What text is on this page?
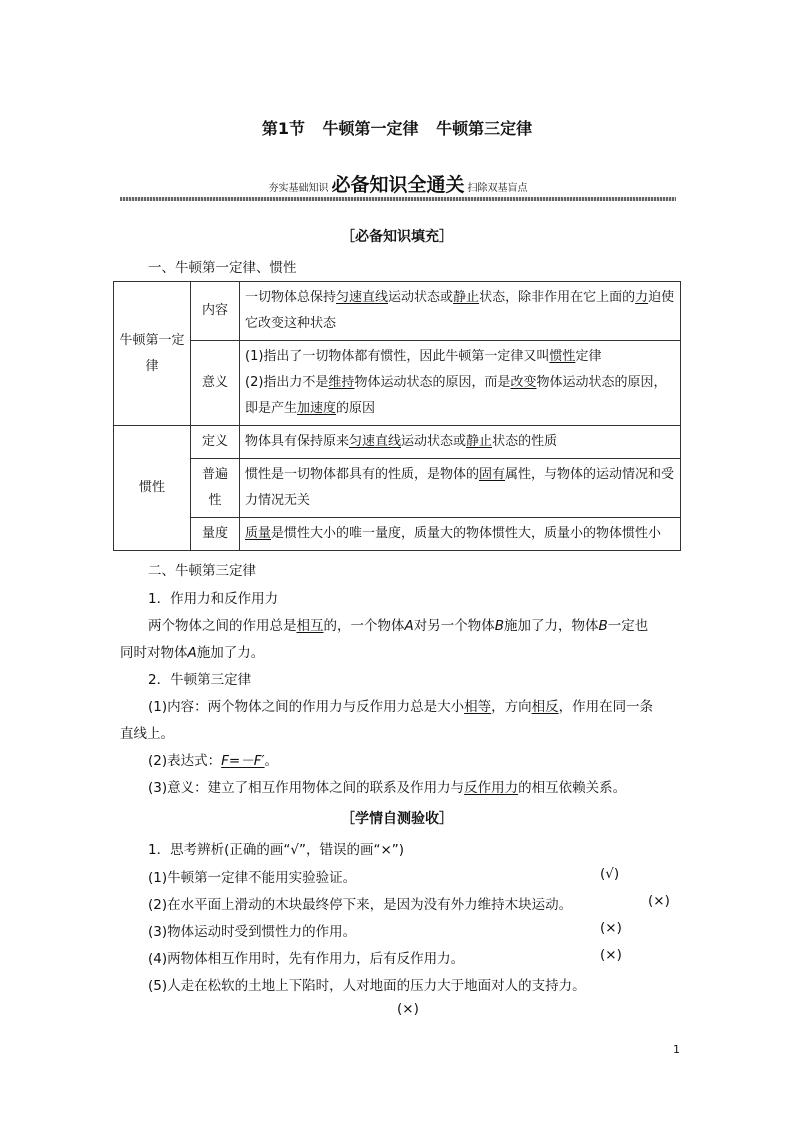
第1节 牛顿第一定律 牛顿第三定律
夯实基础知识 必备知识全通关 扫除双基盲点
［必备知识填充］
一、牛顿第一定律、惯性
牛顿第一定律	内容	一切物体总保持匀速直线运动状态或静止状态，除非作用在它上面的力迫使它改变这种状态
	意义	(1)指出了一切物体都有惯性，因此牛顿第一定律又叫惯性定律
(2)指出力不是维持物体运动状态的原因，而是改变物体运动状态的原因，即是产生加速度的原因

惯性	定义	物体具有保持原来匀速直线运动状态或静止状态的性质
	普遍性	惯性是一切物体都具有的性质，是物体的固有属性，与物体的运动情况和受力情况无关
	量度	质量是惯性大小的唯一量度，质量大的物体惯性大，质量小的物体惯性小
二、牛顿第三定律
1．作用力和反作用力
两个物体之间的作用总是相互的，一个物体A对另一个物体B施加了力，物体B一定也
同时对物体A施加了力。
2．牛顿第三定律
(1)内容：两个物体之间的作用力与反作用力总是大小相等，方向相反，作用在同一条
直线上。
(2)表达式：F=－F′。
(3)意义：建立了相互作用物体之间的联系及作用力与反作用力的相互依赖关系。
［学情自测验收］
1．思考辨析(正确的画“√”，错误的画“×”)
(1)牛顿第一定律不能用实验验证。	(√)
(2)在水平面上滑动的木块最终停下来，是因为没有外力维持木块运动。	(×)
(3)物体运动时受到惯性力的作用。	(×)
(4)两物体相互作用时，先有作用力，后有反作用力。	(×)
(5)人走在松软的土地上下陷时，人对地面的压力大于地面对人的支持力。
(×)
1
